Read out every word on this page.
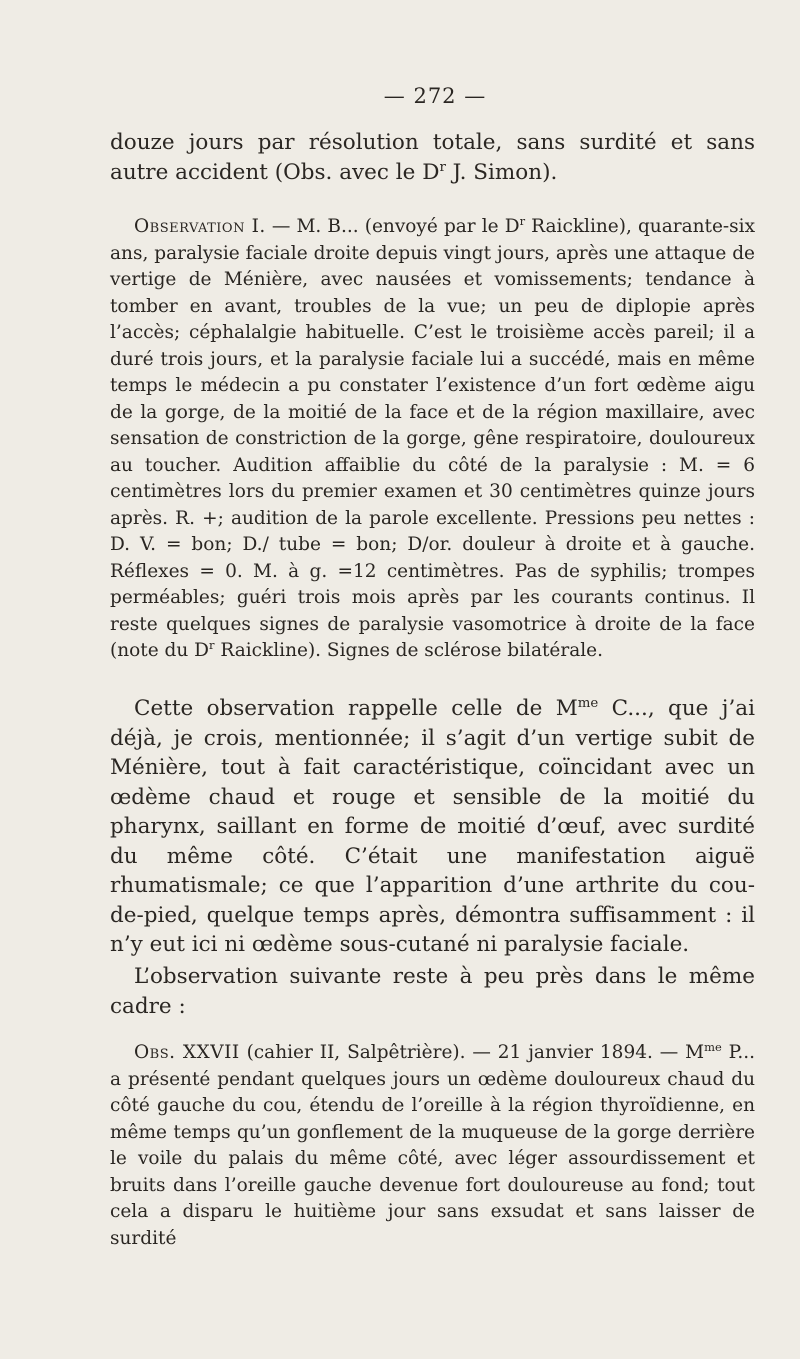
— 272 —

douze jours par résolution totale, sans surdité et sans autre accident (Obs. avec le $D^r$ J. Simon).

Observation I. — M. B... (envoyé par le $D^r$ Raickline), quarante-six ans, paralysie faciale droite depuis vingt jours, après une attaque de vertige de Ménière, avec nausées et vomissements; tendance à tomber en avant, troubles de la vue; un peu de diplopie après l’accès; céphalalgie habituelle. C’est le troisième accès pareil; il a duré trois jours, et la paralysie faciale lui a succédé, mais en même temps le médecin a pu constater l’existence d’un fort œdème aigu de la gorge, de la moitié de la face et de la région maxillaire, avec sensation de constriction de la gorge, gêne respiratoire, douloureux au toucher. Audition affaiblie du côté de la paralysie : M. = 6 centimètres lors du premier examen et 30 centimètres quinze jours après. R. +; audition de la parole excellente. Pressions peu nettes : D. V. = bon; D./ tube = bon; D/or. douleur à droite et à gauche. Réflexes = 0. M. à g. =12 centimètres. Pas de syphilis; trompes perméables; guéri trois mois après par les courants continus. Il reste quelques signes de paralysie vasomotrice à droite de la face (note du $D^r$ Raickline). Signes de sclérose bilatérale.

Cette observation rappelle celle de $M^{me}$ C..., que j’ai déjà, je crois, mentionnée; il s’agit d’un vertige subit de Ménière, tout à fait caractéristique, coïncidant avec un œdème chaud et rouge et sensible de la moitié du pharynx, saillant en forme de moitié d’œuf, avec surdité du même côté. C’était une manifestation aiguë rhumatismale; ce que l’apparition d’une arthrite du cou-de-pied, quelque temps après, démontra suffisamment : il n’y eut ici ni œdème sous-cutané ni paralysie faciale.

L’observation suivante reste à peu près dans le même cadre :

Obs. XXVII (cahier II, Salpêtrière). — 21 janvier 1894. — $M^{me}$ P... a présenté pendant quelques jours un œdème douloureux chaud du côté gauche du cou, étendu de l’oreille à la région thyroïdienne, en même temps qu’un gonflement de la muqueuse de la gorge derrière le voile du palais du même côté, avec léger assourdissement et bruits dans l’oreille gauche devenue fort douloureuse au fond; tout cela a disparu le huitième jour sans exsudat et sans laisser de surdité
